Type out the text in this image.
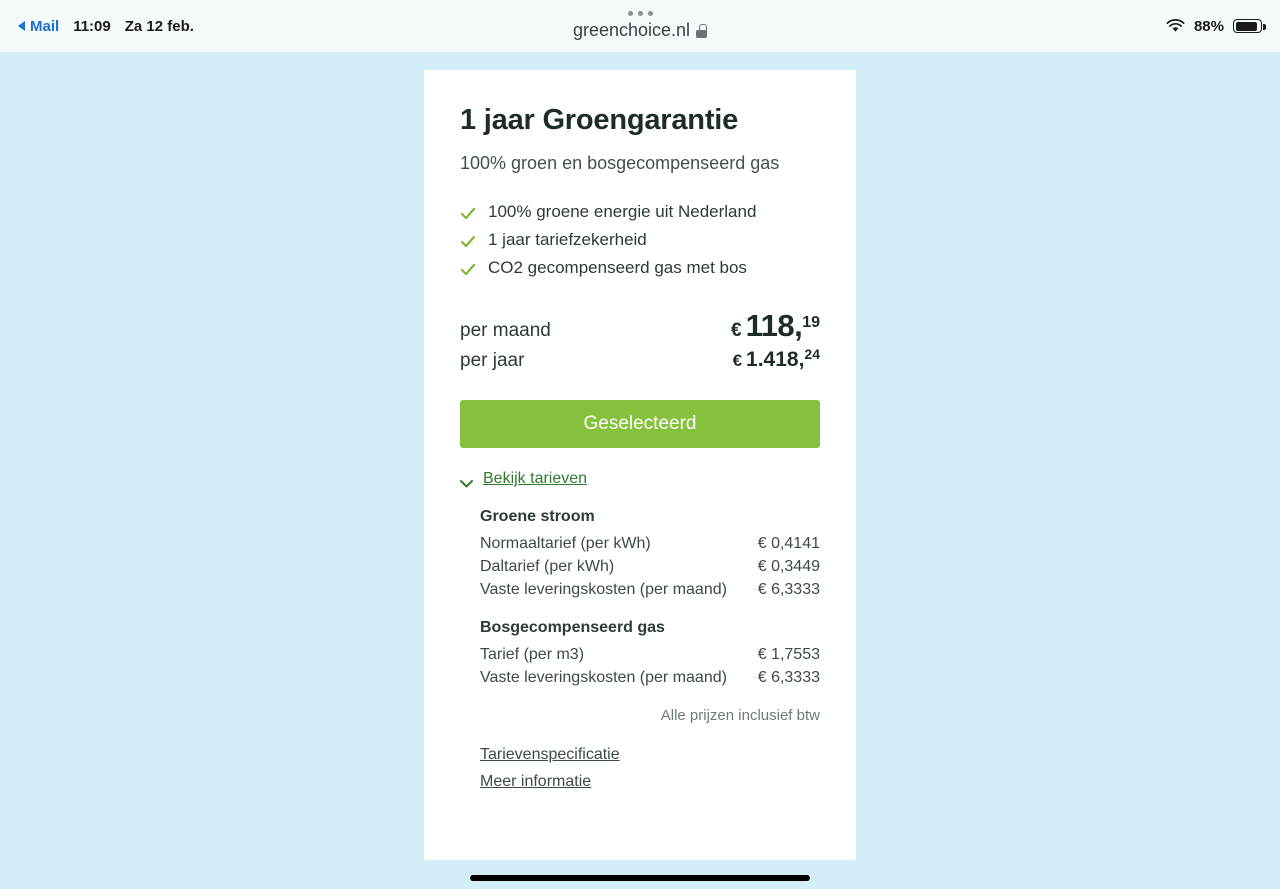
Mail 11:09 Za 12 feb.	greenchoice.nl	88%
1 jaar Groengarantie
100% groen en bosgecompenseerd gas
100% groene energie uit Nederland
1 jaar tariefzekerheid
CO2 gecompenseerd gas met bos
per maand	€ 118, 19
per jaar	€ 1.418, 24
Geselecteerd
Bekijk tarieven
Groene stroom
Normaaltarief (per kWh)	€ 0,4141
Daltarief (per kWh)	€ 0,3449
Vaste leveringskosten (per maand) € 6,3333
Bosgecompenseerd gas
Tarief (per m3)	€ 1,7553
Vaste leveringskosten (per maand) € 6,3333
Alle prijzen inclusief btw
Tarievenspecificatie
Meer informatie
